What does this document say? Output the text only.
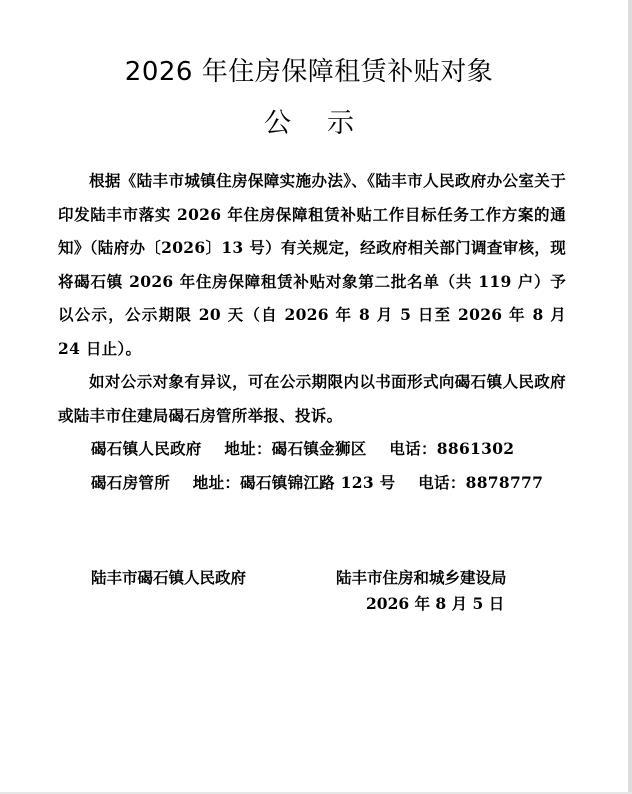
2026 年住房保障租赁补贴对象
公 示

根据《陆丰市城镇住房保障实施办法》、《陆丰市人民政府办公室关于印发陆丰市落实 2026 年住房保障租赁补贴工作目标任务工作方案的通知》（陆府办〔2026〕13 号）有关规定，经政府相关部门调查审核，现将碣石镇 2026 年住房保障租赁补贴对象第二批名单（共 119 户）予以公示，公示期限 20 天（自 2026 年 8 月 5 日至 2026 年 8 月 24 日止）。

如对公示对象有异议，可在公示期限内以书面形式向碣石镇人民政府或陆丰市住建局碣石房管所举报、投诉。

碣石镇人民政府    地址：碣石镇金狮区    电话：8861302

碣石房管所    地址：碣石镇锦江路 123 号    电话：8878777

陆丰市碣石镇人民政府	陆丰市住房和城乡建设局
2026 年 8 月 5 日
